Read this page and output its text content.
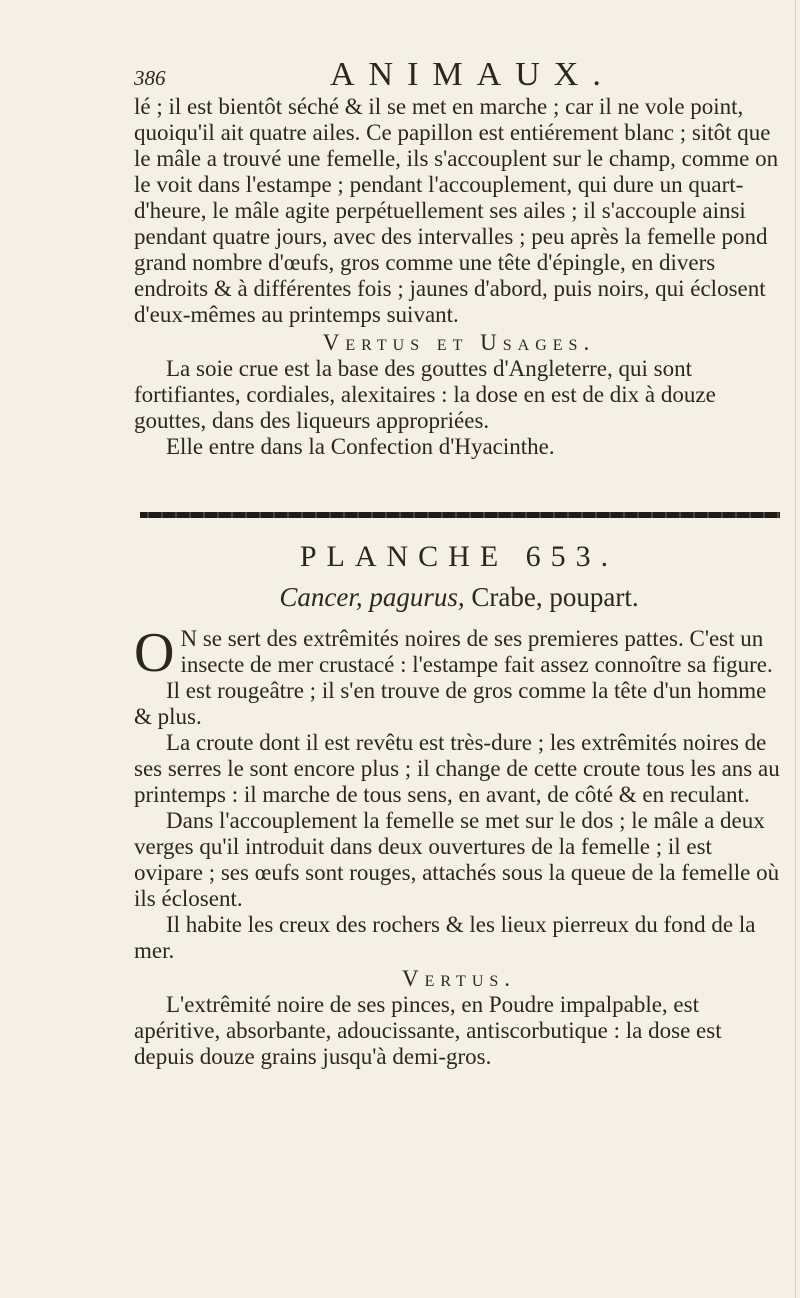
386	ANIMAUX.

lé ; il est bientôt séché & il se met en marche ; car il ne vole point, quoiqu'il ait quatre ailes. Ce papillon est entiérement blanc ; sitôt que le mâle a trouvé une femelle, ils s'accouplent sur le champ, comme on le voit dans l'estampe ; pendant l'accouplement, qui dure un quart-d'heure, le mâle agite perpétuellement ses ailes ; il s'accouple ainsi pendant quatre jours, avec des intervalles ; peu après la femelle pond grand nombre d'œufs, gros comme une tête d'épingle, en divers endroits & à différentes fois ; jaunes d'abord, puis noirs, qui éclosent d'eux-mêmes au printemps suivant.

Vertus et Usages.

La soie crue est la base des gouttes d'Angleterre, qui sont fortifiantes, cordiales, alexitaires : la dose en est de dix à douze gouttes, dans des liqueurs appropriées.

Elle entre dans la Confection d'Hyacinthe.

PLANCHE 653.
Cancer, pagurus, Crabe, poupart.

O N se sert des extrêmités noires de ses premieres pattes. C'est un insecte de mer crustacé : l'estampe fait assez connoître sa figure.

Il est rougeâtre ; il s'en trouve de gros comme la tête d'un homme & plus.

La croute dont il est revêtu est très-dure ; les extrêmités noires de ses serres le sont encore plus ; il change de cette croute tous les ans au printemps : il marche de tous sens, en avant, de côté & en reculant.

Dans l'accouplement la femelle se met sur le dos ; le mâle a deux verges qu'il introduit dans deux ouvertures de la femelle ; il est ovipare ; ses œufs sont rouges, attachés sous la queue de la femelle où ils éclosent.

Il habite les creux des rochers & les lieux pierreux du fond de la mer.

Vertus.

L'extrêmité noire de ses pinces, en Poudre impalpable, est apéritive, absorbante, adoucissante, antiscorbutique : la dose est depuis douze grains jusqu'à demi-gros.
